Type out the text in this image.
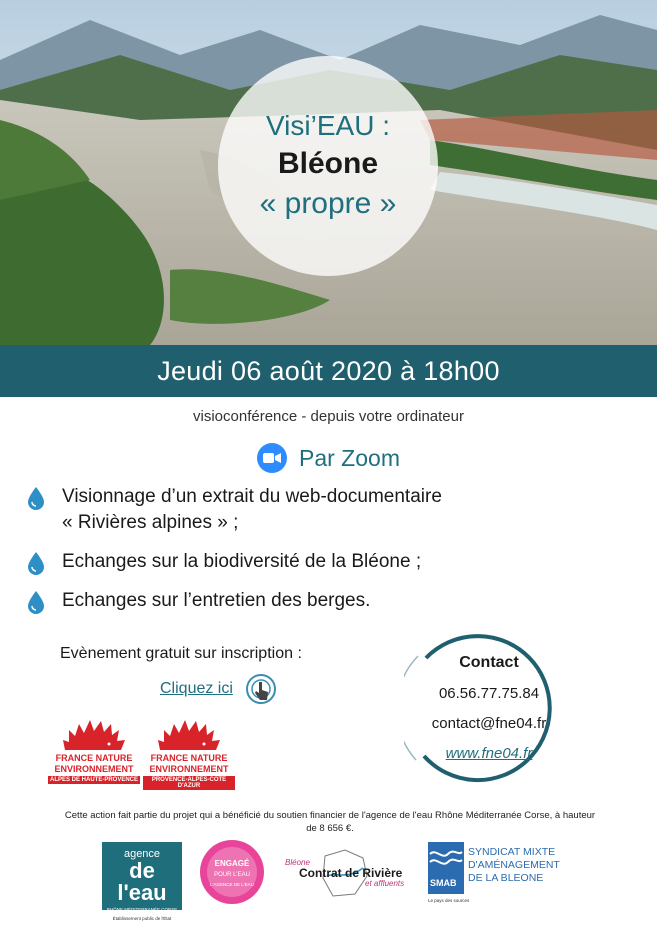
Visi’EAU :
Bléone
« propre »
Jeudi 06 août 2020 à 18h00
visioconférence - depuis votre ordinateur
Par Zoom
Visionnage d’un extrait du web-documentaire
« Rivières alpines » ;
Echanges sur la biodiversité de la Bléone ;
Echanges sur l’entretien des berges.
Evènement gratuit sur inscription :
Cliquez ici
Contact
06.56.77.75.84
contact@fne04.fr
www.fne04.fr
FRANCE NATURE
ENVIRONNEMENT
ALPES DE HAUTE-PROVENCE
FRANCE NATURE
ENVIRONNEMENT
PROVENCE-ALPES-CÔTE D'AZUR
Cette action fait partie du projet qui a bénéficié du soutien financier de l'agence de l'eau Rhône Méditerranée Corse, à hauteur
de 8 656 €.
agence
de l'eau
RHÔNE MÉDITERRANÉE CORSE
Établissement public de l'État
ENGAGÉ
POUR L'EAU
L'AGENCE DE L'EAU
Bléone
Contrat de Rivière
et affluents	SMAB
SYNDICAT MIXTE
D'AMÉNAGEMENT
DE LA BLEONE
Le pays des sources
